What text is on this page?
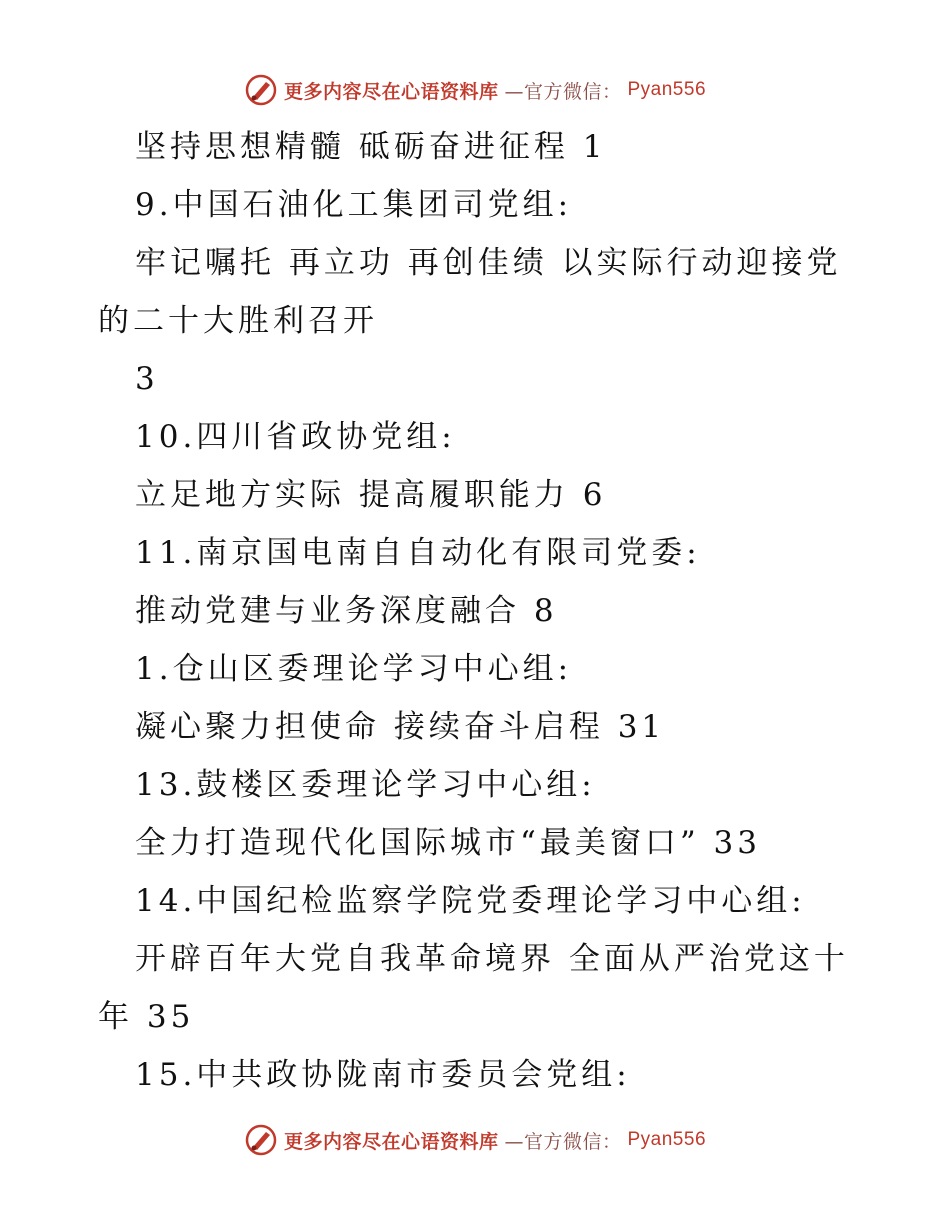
更多内容尽在心语资料库 —官方微信： Pyan556
坚持思想精髓 砥砺奋进征程 1
9.中国石油化工集团司党组:
牢记嘱托 再立功 再创佳绩 以实际行动迎接党
的二十大胜利召开
3
10.四川省政协党组:
立足地方实际 提高履职能力 6
11.南京国电南自自动化有限司党委:
推动党建与业务深度融合 8
1.仓山区委理论学习中心组:
凝心聚力担使命 接续奋斗启程 31
13.鼓楼区委理论学习中心组:
全力打造现代化国际城市“最美窗口” 33
14.中国纪检监察学院党委理论学习中心组:
开辟百年大党自我革命境界 全面从严治党这十
年 35
15.中共政协陇南市委员会党组:
更多内容尽在心语资料库 —官方微信： Pyan556
